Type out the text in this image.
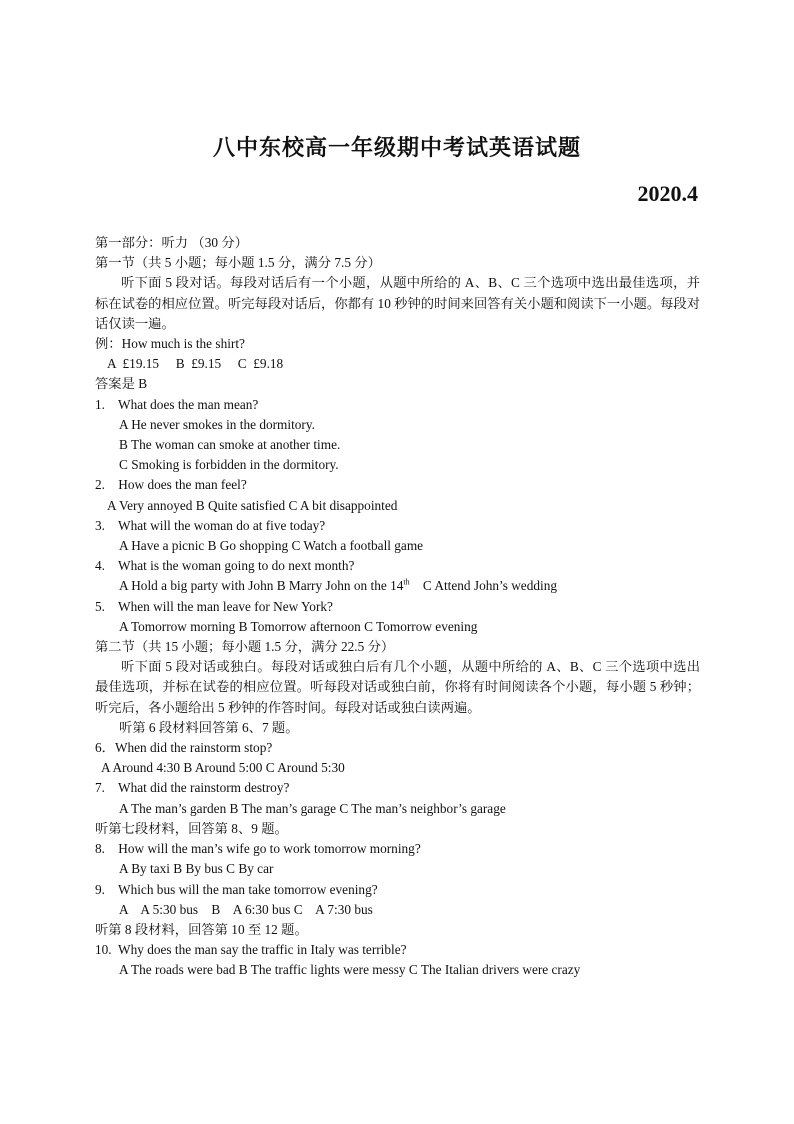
八中东校高一年级期中考试英语试题
2020.4
第一部分：听力 （30 分）
第一节（共 5 小题；每小题 1.5 分，满分 7.5 分）
听下面 5 段对话。每段对话后有一个小题，从题中所给的 A、B、C 三个选项中选出最佳选项，并标在试卷的相应位置。听完每段对话后，你都有 10 秒钟的时间来回答有关小题和阅读下一小题。每段对话仅读一遍。
例：How much is the shirt?
A  £19.15     B  £9.15     C  £9.18
答案是 B
1.    What does the man mean?
A He never smokes in the dormitory.
B The woman can smoke at another time.
C Smoking is forbidden in the dormitory.
2.    How does the man feel?
A Very annoyed B Quite satisfied C A bit disappointed
3.    What will the woman do at five today?
A Have a picnic B Go shopping C Watch a football game
4.    What is the woman going to do next month?
A Hold a big party with John B Marry John on the 14th    C Attend John’s wedding
5.    When will the man leave for New York?
A Tomorrow morning B Tomorrow afternoon C Tomorrow evening
第二节（共 15 小题；每小题 1.5 分，满分 22.5 分）
听下面 5 段对话或独白。每段对话或独白后有几个小题，从题中所给的 A、B、C 三个选项中选出最佳选项，并标在试卷的相应位置。听每段对话或独白前，你将有时间阅读各个小题，每小题 5 秒钟；听完后，各小题给出 5 秒钟的作答时间。每段对话或独白读两遍。
听第 6 段材料回答第 6、7 题。
6．When did the rainstorm stop?
A Around 4:30 B Around 5:00 C Around 5:30
7.    What did the rainstorm destroy?
A The man’s garden B The man’s garage C The man’s neighbor’s garage
听第七段材料，回答第 8、9 题。
8.    How will the man’s wife go to work tomorrow morning?
A By taxi B By bus C By car
9.    Which bus will the man take tomorrow evening?
A    A 5:30 bus    B    A 6:30 bus C    A 7:30 bus
听第 8 段材料，回答第 10 至 12 题。
10.  Why does the man say the traffic in Italy was terrible?
A The roads were bad B The traffic lights were messy C The Italian drivers were crazy
